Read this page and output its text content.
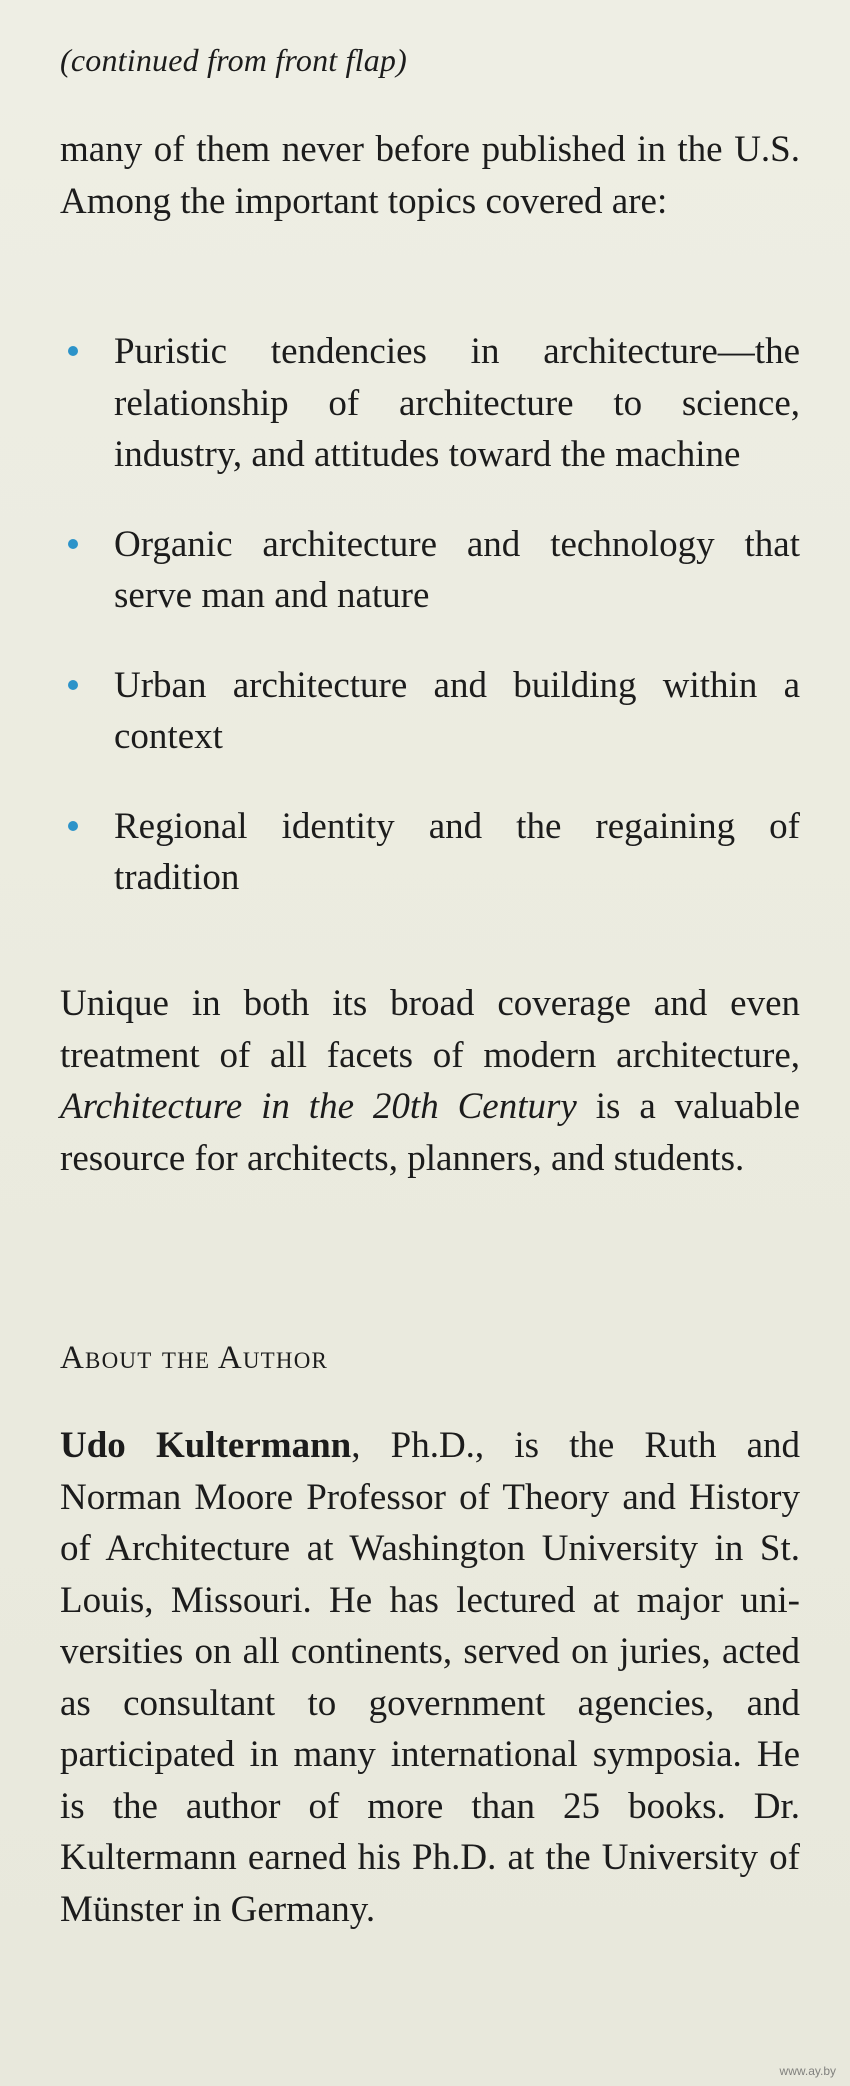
(continued from front flap)

many of them never before published in the U.S. Among the important topics covered are:

Puristic tendencies in architecture—the relationship of architecture to science, industry, and attitudes toward the machine
Organic architecture and technology that serve man and nature
Urban architecture and building within a context
Regional identity and the regaining of tradition

Unique in both its broad coverage and even treatment of all facets of modern architecture, Architecture in the 20th Century is a valuable resource for architects, planners, and students.

About the Author

Udo Kultermann, Ph.D., is the Ruth and Norman Moore Professor of Theory and History of Architecture at Washington University in St. Louis, Missouri. He has lectured at major universities on all continents, served on juries, acted as consultant to government agencies, and participated in many international symposia. He is the author of more than 25 books. Dr. Kultermann earned his Ph.D. at the University of Münster in Germany.

www.ay.by
